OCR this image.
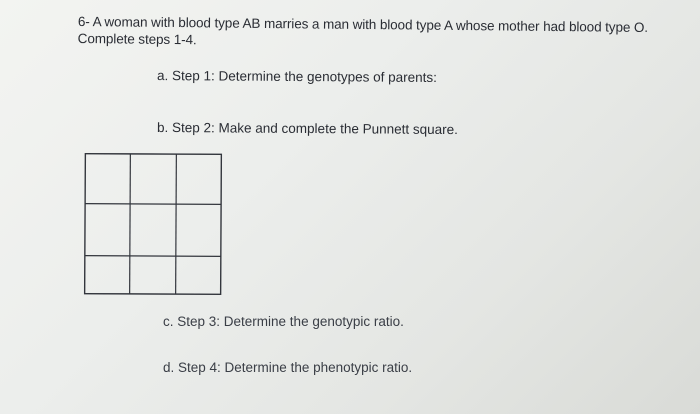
6- A woman with blood type AB marries a man with blood type A whose mother had blood type O. Complete steps 1-4.
a. Step 1: Determine the genotypes of parents:
b. Step 2: Make and complete the Punnett square.
c. Step 3: Determine the genotypic ratio.
d. Step 4: Determine the phenotypic ratio.
